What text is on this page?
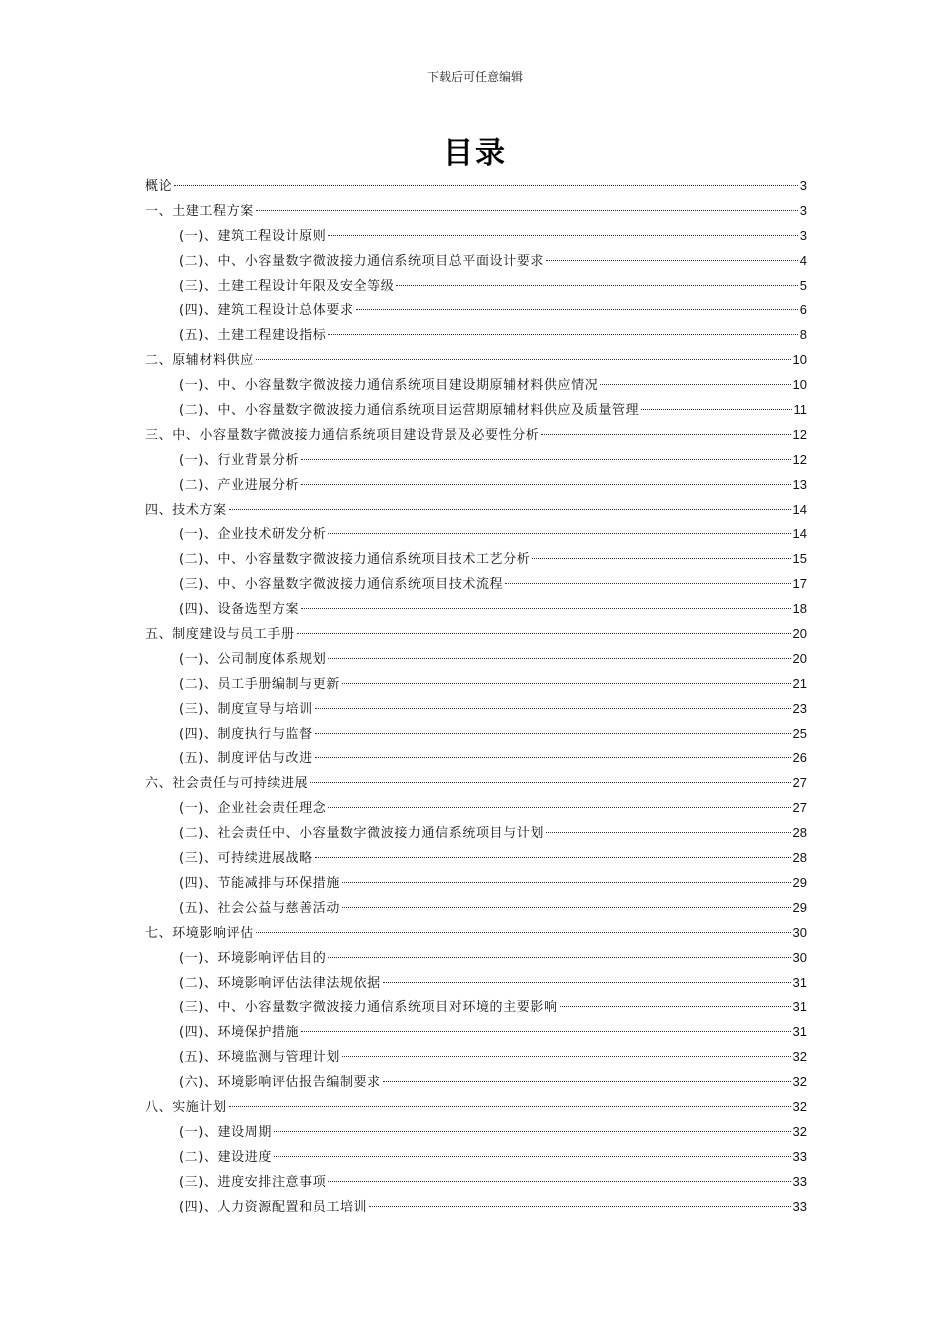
下载后可任意编辑
目录
概论	3
一、土建工程方案	3
(一)、建筑工程设计原则	3
(二)、中、小容量数字微波接力通信系统项目总平面设计要求	4
(三)、土建工程设计年限及安全等级	5
(四)、建筑工程设计总体要求	6
(五)、土建工程建设指标	8
二、原辅材料供应	10
(一)、中、小容量数字微波接力通信系统项目建设期原辅材料供应情况	10
(二)、中、小容量数字微波接力通信系统项目运营期原辅材料供应及质量管理	11
三、中、小容量数字微波接力通信系统项目建设背景及必要性分析	12
(一)、行业背景分析	12
(二)、产业进展分析	13
四、技术方案	14
(一)、企业技术研发分析	14
(二)、中、小容量数字微波接力通信系统项目技术工艺分析	15
(三)、中、小容量数字微波接力通信系统项目技术流程	17
(四)、设备选型方案	18
五、制度建设与员工手册	20
(一)、公司制度体系规划	20
(二)、员工手册编制与更新	21
(三)、制度宣导与培训	23
(四)、制度执行与监督	25
(五)、制度评估与改进	26
六、社会责任与可持续进展	27
(一)、企业社会责任理念	27
(二)、社会责任中、小容量数字微波接力通信系统项目与计划	28
(三)、可持续进展战略	28
(四)、节能减排与环保措施	29
(五)、社会公益与慈善活动	29
七、环境影响评估	30
(一)、环境影响评估目的	30
(二)、环境影响评估法律法规依据	31
(三)、中、小容量数字微波接力通信系统项目对环境的主要影响	31
(四)、环境保护措施	31
(五)、环境监测与管理计划	32
(六)、环境影响评估报告编制要求	32
八、实施计划	32
(一)、建设周期	32
(二)、建设进度	33
(三)、进度安排注意事项	33
(四)、人力资源配置和员工培训	33
